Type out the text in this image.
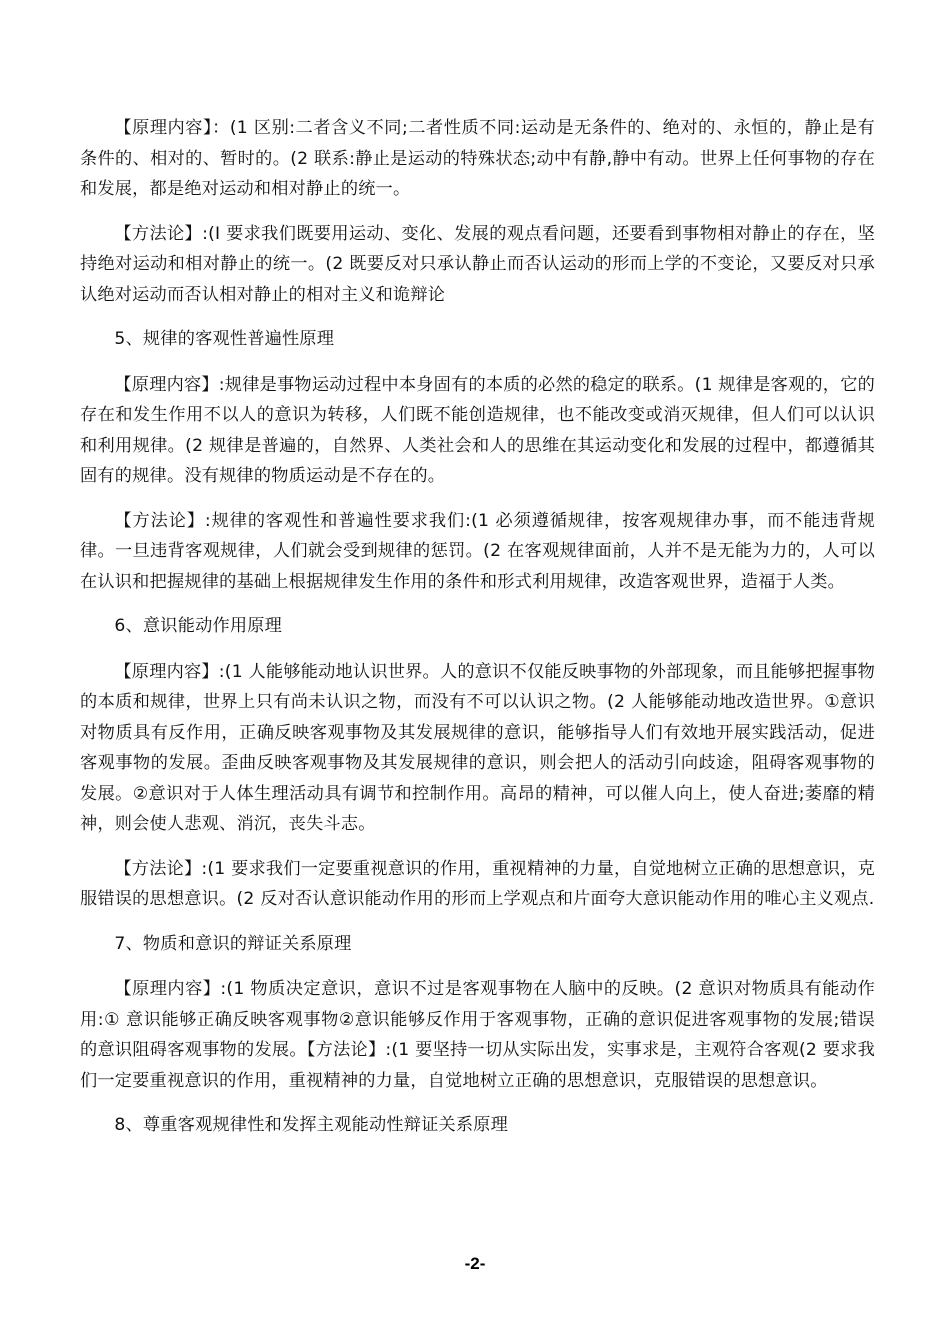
【原理内容】：(1 区别:二者含义不同;二者性质不同:运动是无条件的、绝对的、永恒的，静止是有条件的、相对的、暂时的。(2 联系:静止是运动的特殊状态;动中有静,静中有动。世界上任何事物的存在和发展，都是绝对运动和相对静止的统一。

【方法论】:(I 要求我们既要用运动、变化、发展的观点看问题，还要看到事物相对静止的存在，坚持绝对运动和相对静止的统一。(2 既要反对只承认静止而否认运动的形而上学的不变论，又要反对只承认绝对运动而否认相对静止的相对主义和诡辩论

5、规律的客观性普遍性原理

【原理内容】:规律是事物运动过程中本身固有的本质的必然的稳定的联系。(1 规律是客观的，它的存在和发生作用不以人的意识为转移，人们既不能创造规律，也不能改变或消灭规律，但人们可以认识和利用规律。(2 规律是普遍的，自然界、人类社会和人的思维在其运动变化和发展的过程中，都遵循其固有的规律。没有规律的物质运动是不存在的。

【方法论】:规律的客观性和普遍性要求我们:(1 必须遵循规律，按客观规律办事，而不能违背规律。一旦违背客观规律，人们就会受到规律的惩罚。(2 在客观规律面前，人并不是无能为力的，人可以在认识和把握规律的基础上根据规律发生作用的条件和形式利用规律，改造客观世界，造福于人类。

6、意识能动作用原理

【原理内容】:(1 人能够能动地认识世界。人的意识不仅能反映事物的外部现象，而且能够把握事物的本质和规律，世界上只有尚未认识之物，而没有不可以认识之物。(2 人能够能动地改造世界。①意识对物质具有反作用，正确反映客观事物及其发展规律的意识，能够指导人们有效地开展实践活动，促进客观事物的发展。歪曲反映客观事物及其发展规律的意识，则会把人的活动引向歧途，阻碍客观事物的发展。②意识对于人体生理活动具有调节和控制作用。高昂的精神，可以催人向上，使人奋进;萎靡的精神，则会使人悲观、消沉，丧失斗志。

【方法论】:(1 要求我们一定要重视意识的作用，重视精神的力量，自觉地树立正确的思想意识，克服错误的思想意识。(2 反对否认意识能动作用的形而上学观点和片面夸大意识能动作用的唯心主义观点.

7、物质和意识的辩证关系原理

【原理内容】:(1 物质决定意识，意识不过是客观事物在人脑中的反映。(2 意识对物质具有能动作用:① 意识能够正确反映客观事物②意识能够反作用于客观事物，正确的意识促进客观事物的发展;错误的意识阻碍客观事物的发展。【方法论】:(1 要坚持一切从实际出发，实事求是，主观符合客观(2 要求我们一定要重视意识的作用，重视精神的力量，自觉地树立正确的思想意识，克服错误的思想意识。

8、尊重客观规律性和发挥主观能动性辩证关系原理

-2-
